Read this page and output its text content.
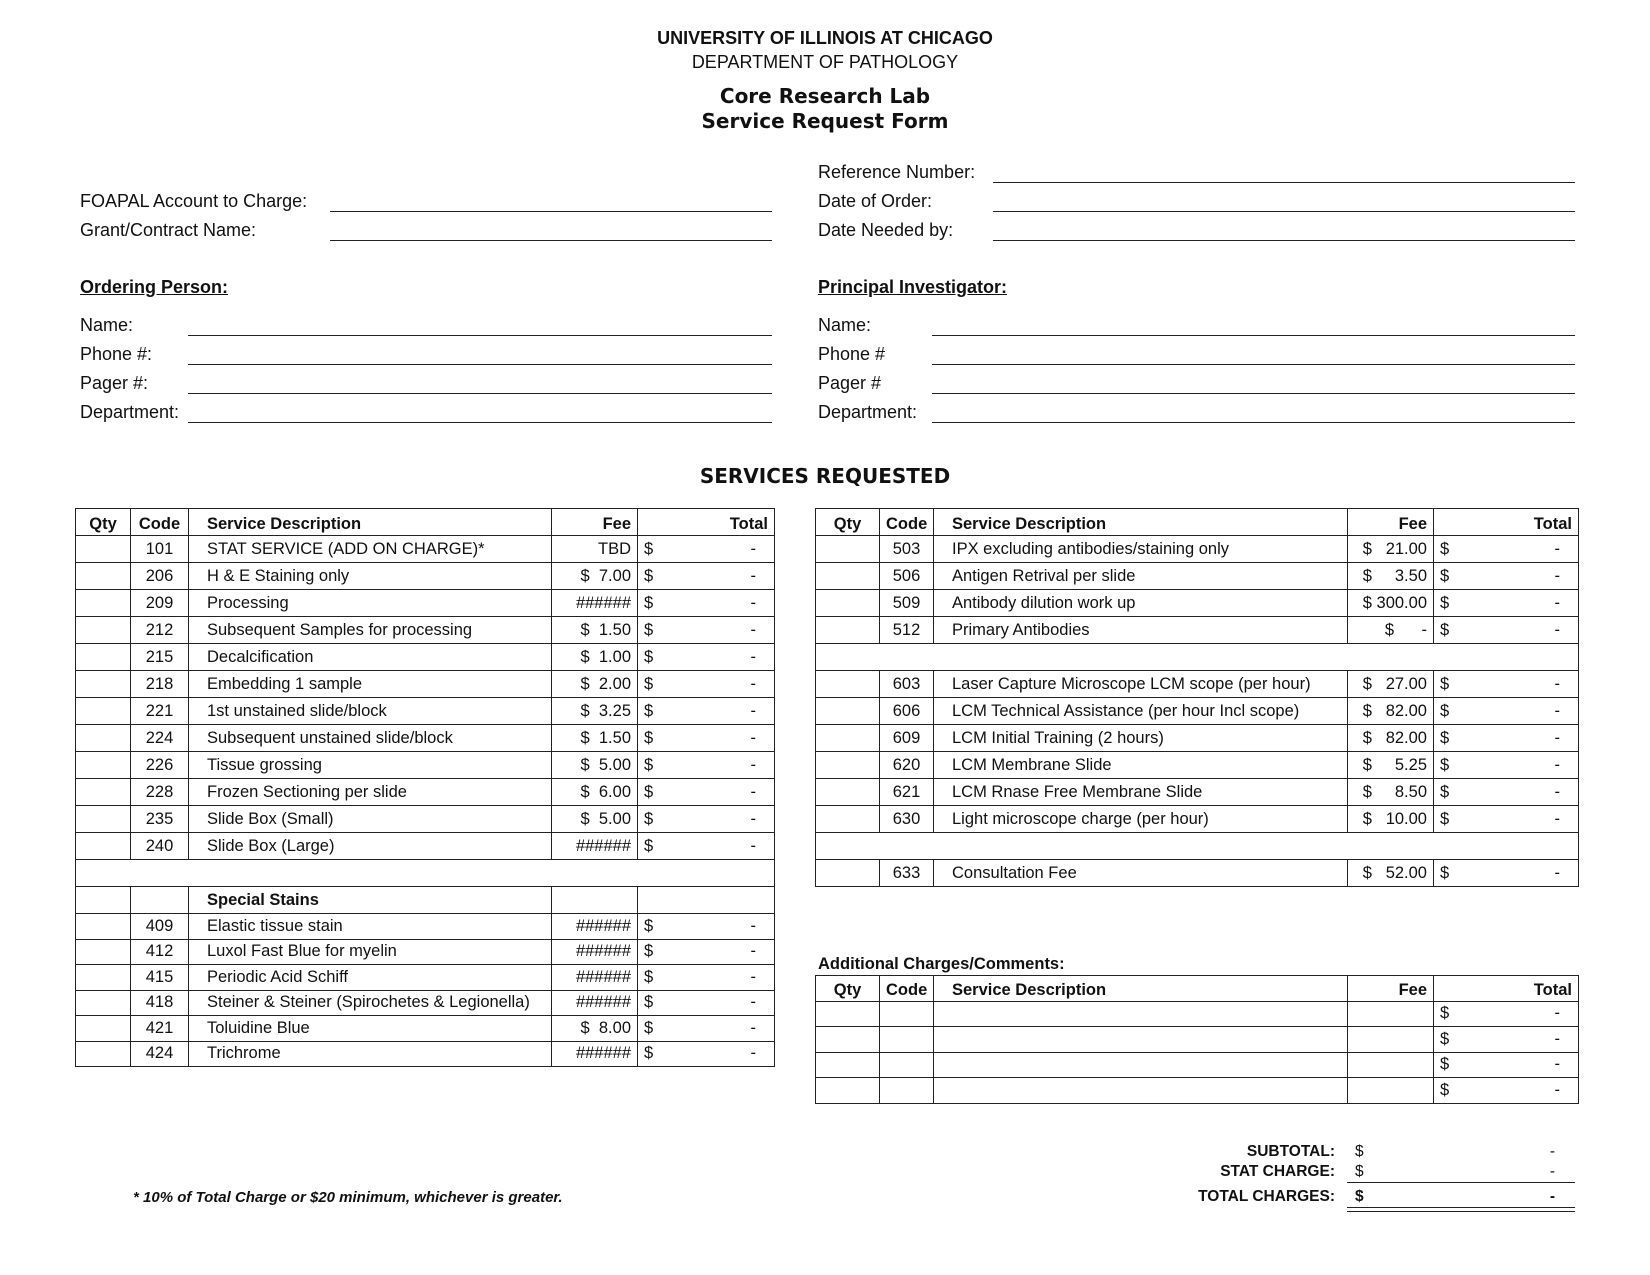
UNIVERSITY OF ILLINOIS AT CHICAGO
DEPARTMENT OF PATHOLOGY
Core Research Lab
Service Request Form
Reference Number:
FOAPAL Account to Charge:	Date of Order:
Grant/Contract Name:	Date Needed by:
Ordering Person:
Name:
Phone #:
Pager #:
Department:
Principal Investigator:
Name:
Phone #
Pager #
Department:
SERVICES REQUESTED
Qty	Code	Service Description	Fee	Total
	101	STAT SERVICE (ADD ON CHARGE)*	TBD	$ -

	206	H & E Staining only	$  7.00	$ -

	209	Processing	######	$ -

	212	Subsequent Samples for processing	$  1.50	$ -

	215	Decalcification	$  1.00	$ -

	218	Embedding 1 sample	$  2.00	$ -

	221	1st unstained slide/block	$  3.25	$ -

	224	Subsequent unstained slide/block	$  1.50	$ -

	226	Tissue grossing	$  5.00	$ -

	228	Frozen Sectioning per slide	$  6.00	$ -

	235	Slide Box (Small)	$  5.00	$ -

	240	Slide Box (Large)	######	$ -

		Special Stains		
	409	Elastic tissue stain	######	$ -

	412	Luxol Fast Blue for myelin	######	$ -

	415	Periodic Acid Schiff	######	$ -

	418	Steiner & Steiner (Spirochetes & Legionella)	######	$ -

	421	Toluidine Blue	$  8.00	$ -

	424	Trichrome	######	$ -
Qty	Code	Service Description	Fee	Total
	503	IPX excluding antibodies/staining only	$   21.00	$ -

	506	Antigen Retrival per slide	$     3.50	$ -

	509	Antibody dilution work up	$ 300.00	$ -

	512	Primary Antibodies	$      -	$ -

	603	Laser Capture Microscope LCM scope (per hour)	$   27.00	$ -

	606	LCM Technical Assistance (per hour Incl scope)	$   82.00	$ -

	609	LCM Initial Training (2 hours)	$   82.00	$ -

	620	LCM Membrane Slide	$     5.25	$ -

	621	LCM Rnase Free Membrane Slide	$     8.50	$ -

	630	Light microscope charge (per hour)	$   10.00	$ -

	633	Consultation Fee	$   52.00	$ -
Additional Charges/Comments:
Qty	Code	Service Description	Fee	Total

				$ -

				$ -

				$ -

				$ -
SUBTOTAL: $	-
STAT CHARGE: $	-
TOTAL CHARGES: $	-
* 10% of Total Charge or $20 minimum, whichever is greater.
